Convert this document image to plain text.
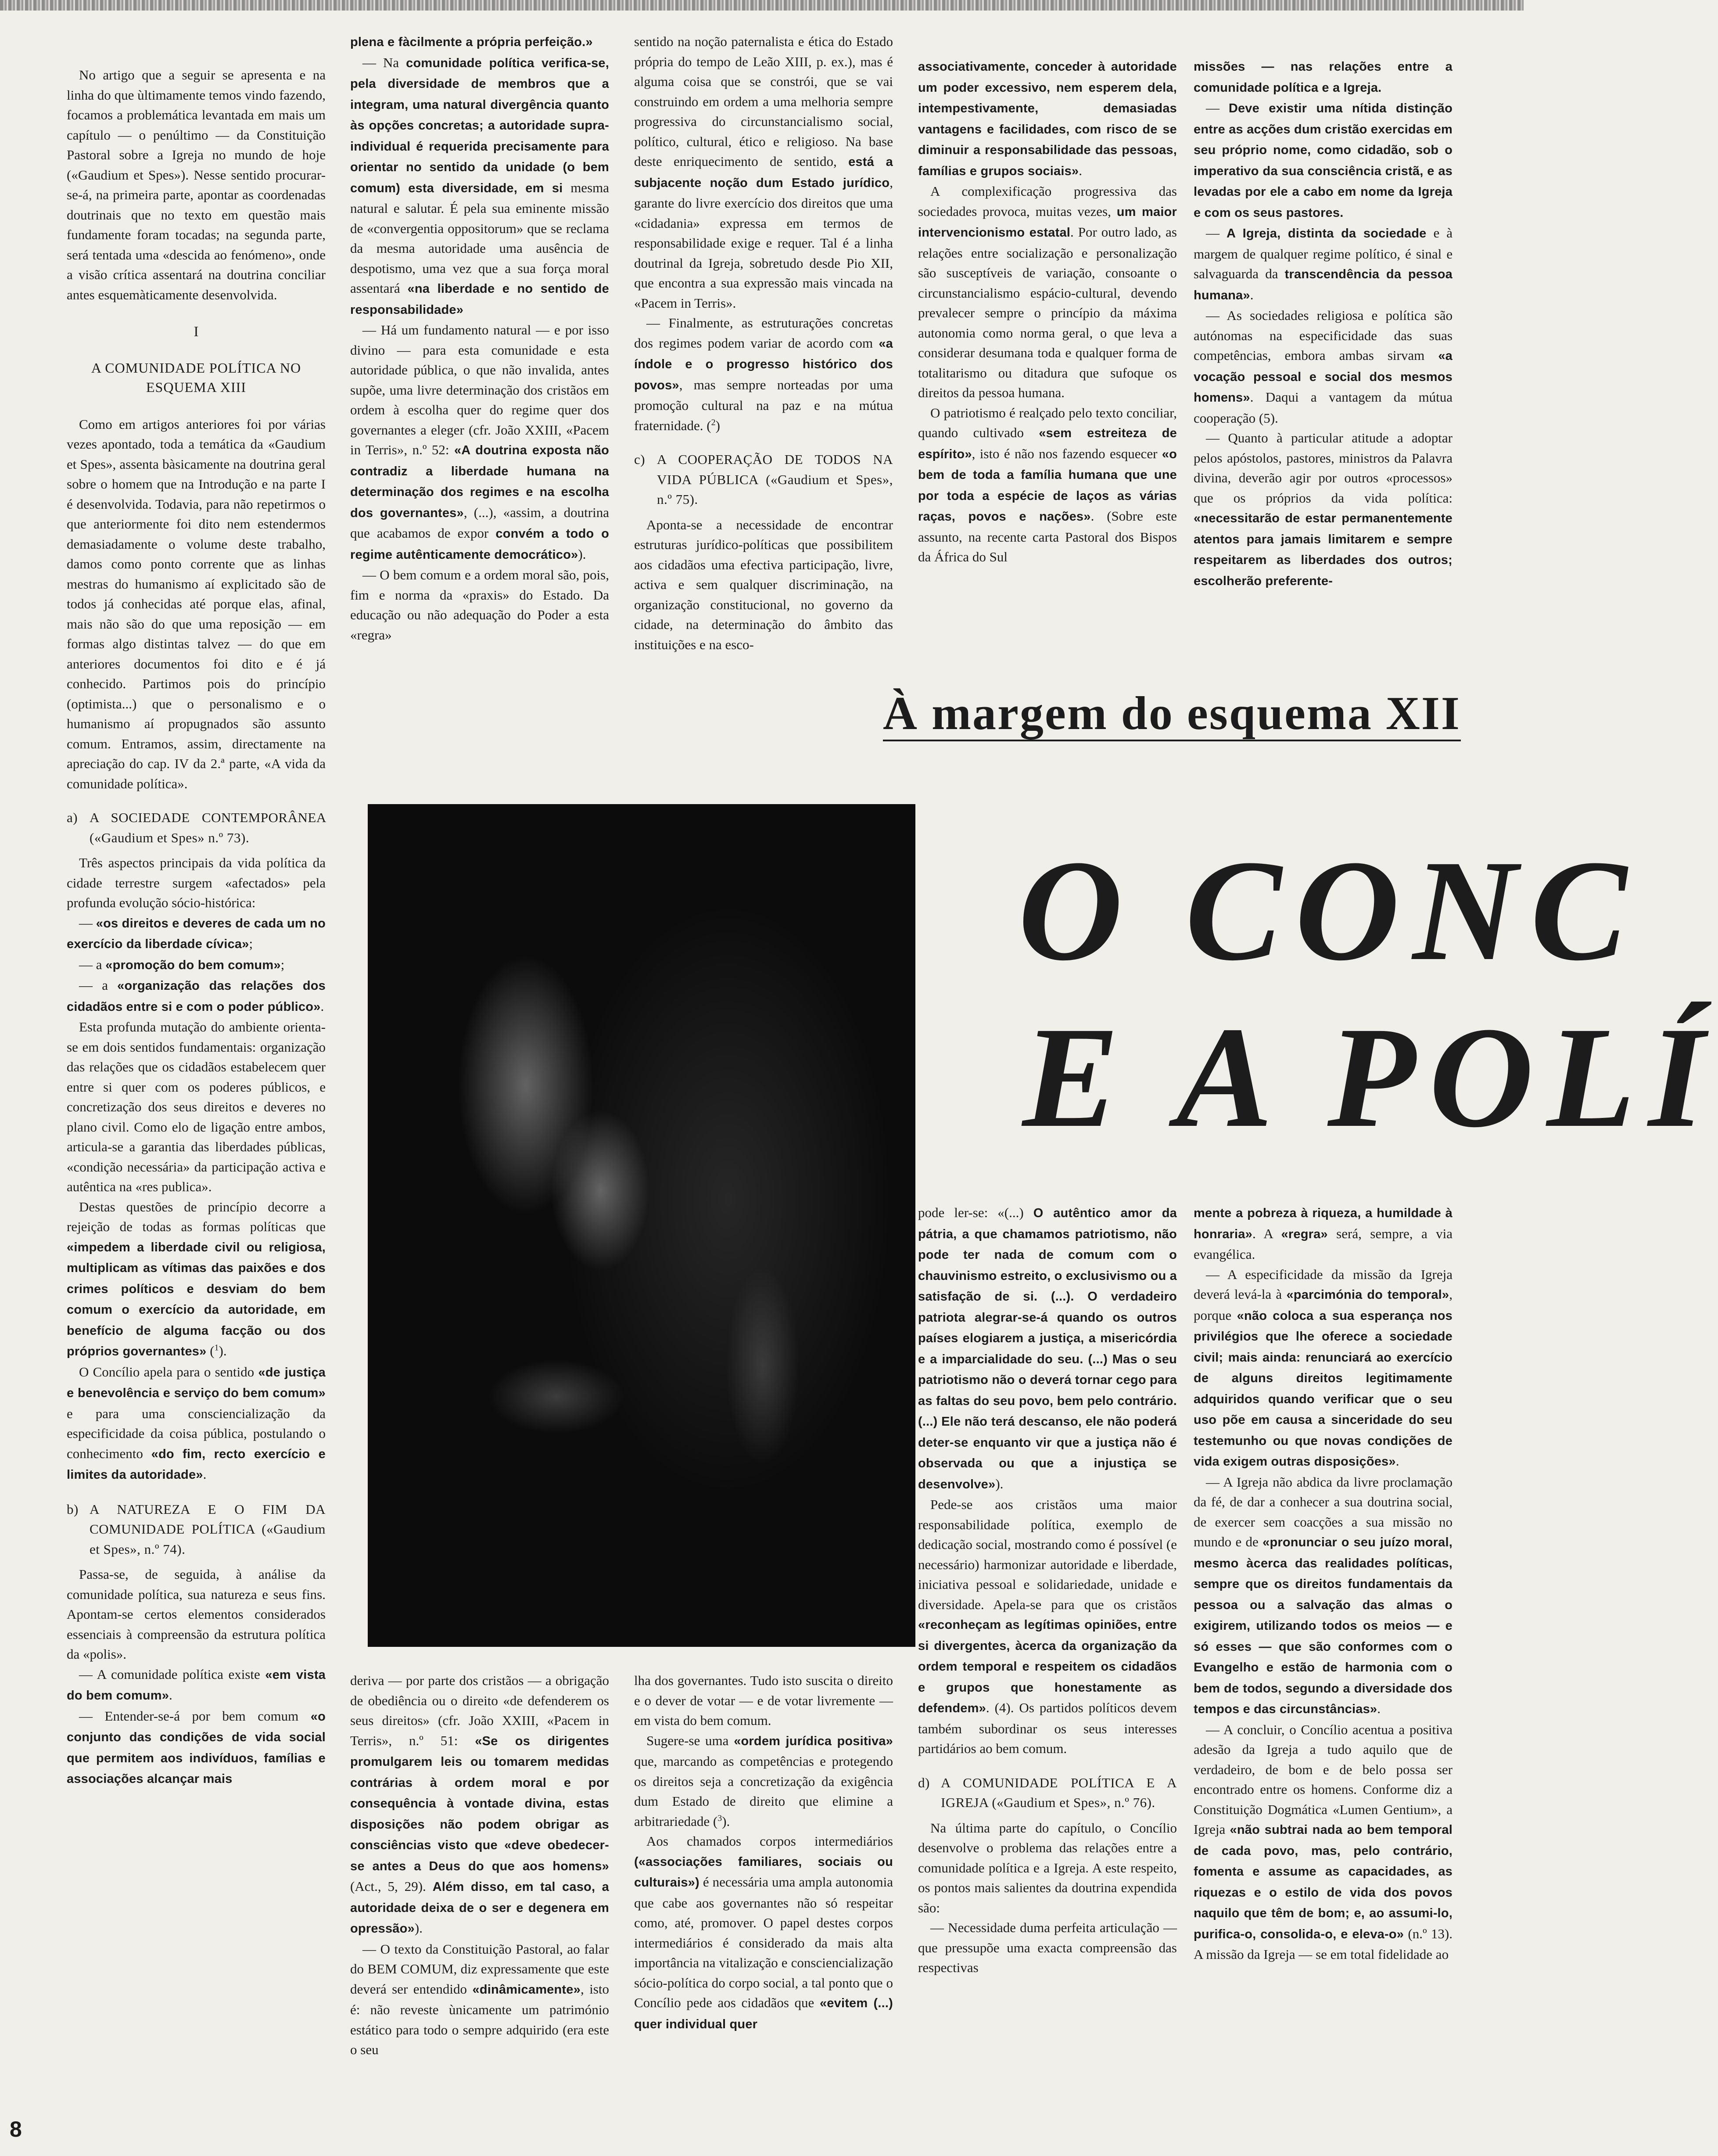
No artigo que a seguir se apresenta e na linha do que ùltimamente temos vindo fazendo, focamos a problemática levantada em mais um capítulo — o penúltimo — da Constituição Pastoral sobre a Igreja no mundo de hoje («Gaudium et Spes»). Nesse sentido procurar-se-á, na primeira parte, apontar as coordenadas doutrinais que no texto em questão mais fundamente foram tocadas; na segunda parte, será tentada uma «descida ao fenómeno», onde a visão crítica assentará na doutrina conciliar antes esquemàticamente desenvolvida.

I

A COMUNIDADE POLÍTICA NO ESQUEMA XIII

Como em artigos anteriores foi por várias vezes apontado, toda a temática da «Gaudium et Spes», assenta bàsicamente na doutrina geral sobre o homem que na Introdução e na parte I é desenvolvida. Todavia, para não repetirmos o que anteriormente foi dito nem estendermos demasiadamente o volume deste trabalho, damos como ponto corrente que as linhas mestras do humanismo aí explicitado são de todos já conhecidas até porque elas, afinal, mais não são do que uma reposição — em formas algo distintas talvez — do que em anteriores documentos foi dito e é já conhecido. Partimos pois do princípio (optimista...) que o personalismo e o humanismo aí propugnados são assunto comum. Entramos, assim, directamente na apreciação do cap. IV da 2.ª parte, «A vida da comunidade política».

a) A SOCIEDADE CONTEMPORÂNEA («Gaudium et Spes» n.º 73).

Três aspectos principais da vida política da cidade terrestre surgem «afectados» pela profunda evolução sócio-histórica:

— «os direitos e deveres de cada um no exercício da liberdade cívica»;

— a «promoção do bem comum»;

— a «organização das relações dos cidadãos entre si e com o poder público».

Esta profunda mutação do ambiente orienta-se em dois sentidos fundamentais: organização das relações que os cidadãos estabelecem quer entre si quer com os poderes públicos, e concretização dos seus direitos e deveres no plano civil. Como elo de ligação entre ambos, articula-se a garantia das liberdades públicas, «condição necessária» da participação activa e autêntica na «res publica».

Destas questões de princípio decorre a rejeição de todas as formas políticas que «impedem a liberdade civil ou religiosa, multiplicam as vítimas das paixões e dos crimes políticos e desviam do bem comum o exercício da autoridade, em benefício de alguma facção ou dos próprios governantes» ($^1$).

O Concílio apela para o sentido «de justiça e benevolência e serviço do bem comum» e para uma consciencialização da especificidade da coisa pública, postulando o conhecimento «do fim, recto exercício e limites da autoridade».

b) A NATUREZA E O FIM DA COMUNIDADE POLÍTICA («Gaudium et Spes», n.º 74).

Passa-se, de seguida, à análise da comunidade política, sua natureza e seus fins. Apontam-se certos elementos considerados essenciais à compreensão da estrutura política da «polis».

— A comunidade política existe «em vista do bem comum».

— Entender-se-á por bem comum «o conjunto das condições de vida social que permitem aos indivíduos, famílias e associações alcançar mais

plena e fàcilmente a própria perfeição.»

— Na comunidade política verifica-se, pela diversidade de membros que a integram, uma natural divergência quanto às opções concretas; a autoridade supra-individual é requerida precisamente para orientar no sentido da unidade (o bem comum) esta diversidade, em si mesma natural e salutar. É pela sua eminente missão de «convergentia oppositorum» que se reclama da mesma autoridade uma ausência de despotismo, uma vez que a sua força moral assentará «na liberdade e no sentido de responsabilidade»

— Há um fundamento natural — e por isso divino — para esta comunidade e esta autoridade pública, o que não invalida, antes supõe, uma livre determinação dos cristãos em ordem à escolha quer do regime quer dos governantes a eleger (cfr. João XXIII, «Pacem in Terris», n.º 52: «A doutrina exposta não contradiz a liberdade humana na determinação dos regimes e na escolha dos governantes», (...), «assim, a doutrina que acabamos de expor convém a todo o regime autênticamente democrático»).

— O bem comum e a ordem moral são, pois, fim e norma da «praxis» do Estado. Da educação ou não adequação do Poder a esta «regra»

sentido na noção paternalista e ética do Estado própria do tempo de Leão XIII, p. ex.), mas é alguma coisa que se constrói, que se vai construindo em ordem a uma melhoria sempre progressiva do circunstancialismo social, político, cultural, ético e religioso. Na base deste enriquecimento de sentido, está a subjacente noção dum Estado jurídico, garante do livre exercício dos direitos que uma «cidadania» expressa em termos de responsabilidade exige e requer. Tal é a linha doutrinal da Igreja, sobretudo desde Pio XII, que encontra a sua expressão mais vincada na «Pacem in Terris».

— Finalmente, as estruturações concretas dos regimes podem variar de acordo com «a índole e o progresso histórico dos povos», mas sempre norteadas por uma promoção cultural na paz e na mútua fraternidade. ($^2$)

c) A COOPERAÇÃO DE TODOS NA VIDA PÚBLICA («Gaudium et Spes», n.º 75).

Aponta-se a necessidade de encontrar estruturas jurídico-políticas que possibilitem aos cidadãos uma efectiva participação, livre, activa e sem qualquer discriminação, na organização constitucional, no governo da cidade, na determinação do âmbito das instituições e na esco-

associativamente, conceder à autoridade um poder excessivo, nem esperem dela, intempestivamente, demasiadas vantagens e facilidades, com risco de se diminuir a responsabilidade das pessoas, famílias e grupos sociais».

A complexificação progressiva das sociedades provoca, muitas vezes, um maior intervencionismo estatal. Por outro lado, as relações entre socialização e personalização são susceptíveis de variação, consoante o circunstancialismo espácio-cultural, devendo prevalecer sempre o princípio da máxima autonomia como norma geral, o que leva a considerar desumana toda e qualquer forma de totalitarismo ou ditadura que sufoque os direitos da pessoa humana.

O patriotismo é realçado pelo texto conciliar, quando cultivado «sem estreiteza de espírito», isto é não nos fazendo esquecer «o bem de toda a família humana que une por toda a espécie de laços as várias raças, povos e nações». (Sobre este assunto, na recente carta Pastoral dos Bispos da África do Sul

missões — nas relações entre a comunidade política e a Igreja.

— Deve existir uma nítida distinção entre as acções dum cristão exercidas em seu próprio nome, como cidadão, sob o imperativo da sua consciência cristã, e as levadas por ele a cabo em nome da Igreja e com os seus pastores.

— A Igreja, distinta da sociedade e à margem de qualquer regime político, é sinal e salvaguarda da transcendência da pessoa humana».

— As sociedades religiosa e política são autónomas na especificidade das suas competências, embora ambas sirvam «a vocação pessoal e social dos mesmos homens». Daqui a vantagem da mútua cooperação (5).

— Quanto à particular atitude a adoptar pelos apóstolos, pastores, ministros da Palavra divina, deverão agir por outros «processos» que os próprios da vida política: «necessitarão de estar permanentemente atentos para jamais limitarem e sempre respeitarem as liberdades dos outros; escolherão preferente-

À margem do esquema XII
O CONC
E A POLÍ

deriva — por parte dos cristãos — a obrigação de obediência ou o direito «de defenderem os seus direitos» (cfr. João XXIII, «Pacem in Terris», n.º 51: «Se os dirigentes promulgarem leis ou tomarem medidas contrárias à ordem moral e por consequência à vontade divina, estas disposições não podem obrigar as consciências visto que «deve obedecer-se antes a Deus do que aos homens» (Act., 5, 29). Além disso, em tal caso, a autoridade deixa de o ser e degenera em opressão»).

— O texto da Constituição Pastoral, ao falar do BEM COMUM, diz expressamente que este deverá ser entendido «dinâmicamente», isto é: não reveste ùnicamente um património estático para todo o sempre adquirido (era este o seu

lha dos governantes. Tudo isto suscita o direito e o dever de votar — e de votar livremente — em vista do bem comum.

Sugere-se uma «ordem jurídica positiva» que, marcando as competências e protegendo os direitos seja a concretização da exigência dum Estado de direito que elimine a arbitrariedade ($^3$).

Aos chamados corpos intermediários («associações familiares, sociais ou culturais») é necessária uma ampla autonomia que cabe aos governantes não só respeitar como, até, promover. O papel destes corpos intermediários é considerado da mais alta importância na vitalização e consciencialização sócio-política do corpo social, a tal ponto que o Concílio pede aos cidadãos que «evitem (...) quer individual quer

pode ler-se: «(...) O autêntico amor da pátria, a que chamamos patriotismo, não pode ter nada de comum com o chauvinismo estreito, o exclusivismo ou a satisfação de si. (...). O verdadeiro patriota alegrar-se-á quando os outros países elogiarem a justiça, a misericórdia e a imparcialidade do seu. (...) Mas o seu patriotismo não o deverá tornar cego para as faltas do seu povo, bem pelo contrário. (...) Ele não terá descanso, ele não poderá deter-se enquanto vir que a justiça não é observada ou que a injustiça se desenvolve»).

Pede-se aos cristãos uma maior responsabilidade política, exemplo de dedicação social, mostrando como é possível (e necessário) harmonizar autoridade e liberdade, iniciativa pessoal e solidariedade, unidade e diversidade. Apela-se para que os cristãos «reconheçam as legítimas opiniões, entre si divergentes, àcerca da organização da ordem temporal e respeitem os cidadãos e grupos que honestamente as defendem». (4). Os partidos políticos devem também subordinar os seus interesses partidários ao bem comum.

d) A COMUNIDADE POLÍTICA E A IGREJA («Gaudium et Spes», n.º 76).

Na última parte do capítulo, o Concílio desenvolve o problema das relações entre a comunidade política e a Igreja. A este respeito, os pontos mais salientes da doutrina expendida são:

— Necessidade duma perfeita articulação — que pressupõe uma exacta compreensão das respectivas

mente a pobreza à riqueza, a humildade à honraria». A «regra» será, sempre, a via evangélica.

— A especificidade da missão da Igreja deverá levá-la à «parcimónia do temporal», porque «não coloca a sua esperança nos privilégios que lhe oferece a sociedade civil; mais ainda: renunciará ao exercício de alguns direitos legitimamente adquiridos quando verificar que o seu uso põe em causa a sinceridade do seu testemunho ou que novas condições de vida exigem outras disposições».

— A Igreja não abdica da livre proclamação da fé, de dar a conhecer a sua doutrina social, de exercer sem coacções a sua missão no mundo e de «pronunciar o seu juízo moral, mesmo àcerca das realidades políticas, sempre que os direitos fundamentais da pessoa ou a salvação das almas o exigirem, utilizando todos os meios — e só esses — que são conformes com o Evangelho e estão de harmonia com o bem de todos, segundo a diversidade dos tempos e das circunstâncias».

— A concluir, o Concílio acentua a positiva adesão da Igreja a tudo aquilo que de verdadeiro, de bom e de belo possa ser encontrado entre os homens. Conforme diz a Constituição Dogmática «Lumen Gentium», a Igreja «não subtrai nada ao bem temporal de cada povo, mas, pelo contrário, fomenta e assume as capacidades, as riquezas e o estilo de vida dos povos naquilo que têm de bom; e, ao assumi-lo, purifica-o, consolida-o, e eleva-o» (n.º 13). A missão da Igreja — se em total fidelidade ao

8
